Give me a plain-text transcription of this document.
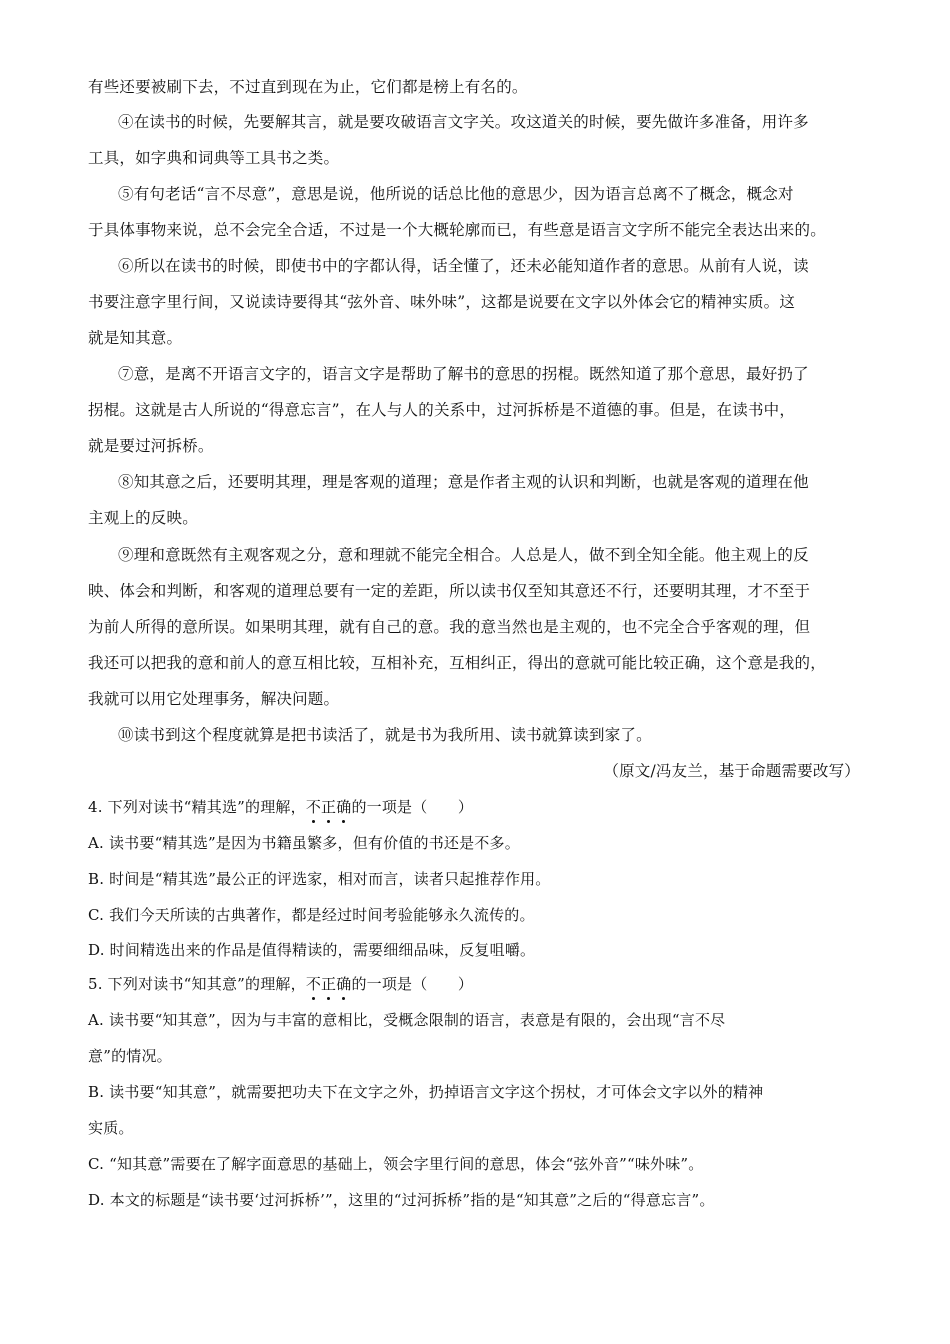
有些还要被刷下去，不过直到现在为止，它们都是榜上有名的。
④在读书的时候，先要解其言，就是要攻破语言文字关。攻这道关的时候，要先做许多准备，用许多
工具，如字典和词典等工具书之类。
⑤有句老话“言不尽意”，意思是说，他所说的话总比他的意思少，因为语言总离不了概念，概念对
于具体事物来说，总不会完全合适，不过是一个大概轮廓而已，有些意是语言文字所不能完全表达出来的。
⑥所以在读书的时候，即使书中的字都认得，话全懂了，还未必能知道作者的意思。从前有人说，读
书要注意字里行间，又说读诗要得其“弦外音、味外味”，这都是说要在文字以外体会它的精神实质。这
就是知其意。
⑦意，是离不开语言文字的，语言文字是帮助了解书的意思的拐棍。既然知道了那个意思，最好扔了
拐棍。这就是古人所说的“得意忘言”，在人与人的关系中，过河拆桥是不道德的事。但是，在读书中，
就是要过河拆桥。
⑧知其意之后，还要明其理，理是客观的道理；意是作者主观的认识和判断，也就是客观的道理在他
主观上的反映。
⑨理和意既然有主观客观之分，意和理就不能完全相合。人总是人，做不到全知全能。他主观上的反
映、体会和判断，和客观的道理总要有一定的差距，所以读书仅至知其意还不行，还要明其理，才不至于
为前人所得的意所误。如果明其理，就有自己的意。我的意当然也是主观的，也不完全合乎客观的理，但
我还可以把我的意和前人的意互相比较，互相补充，互相纠正，得出的意就可能比较正确，这个意是我的，
我就可以用它处理事务，解决问题。
⑩读书到这个程度就算是把书读活了，就是书为我所用、读书就算读到家了。
（原文/冯友兰，基于命题需要改写）
4. 下列对读书“精其选”的理解，不正确的一项是（　　）
A. 读书要“精其选”是因为书籍虽繁多，但有价值的书还是不多。
B. 时间是“精其选”最公正的评选家，相对而言，读者只起推荐作用。
C. 我们今天所读的古典著作，都是经过时间考验能够永久流传的。
D. 时间精选出来的作品是值得精读的，需要细细品味，反复咀嚼。
5. 下列对读书“知其意”的理解，不正确的一项是（　　）
A. 读书要“知其意”，因为与丰富的意相比，受概念限制的语言，表意是有限的，会出现“言不尽
意”的情况。
B. 读书要“知其意”，就需要把功夫下在文字之外，扔掉语言文字这个拐杖，才可体会文字以外的精神
实质。
C. “知其意”需要在了解字面意思的基础上，领会字里行间的意思，体会“弦外音”“味外味”。
D. 本文的标题是“读书要‘过河拆桥’”，这里的“过河拆桥”指的是“知其意”之后的“得意忘言”。
